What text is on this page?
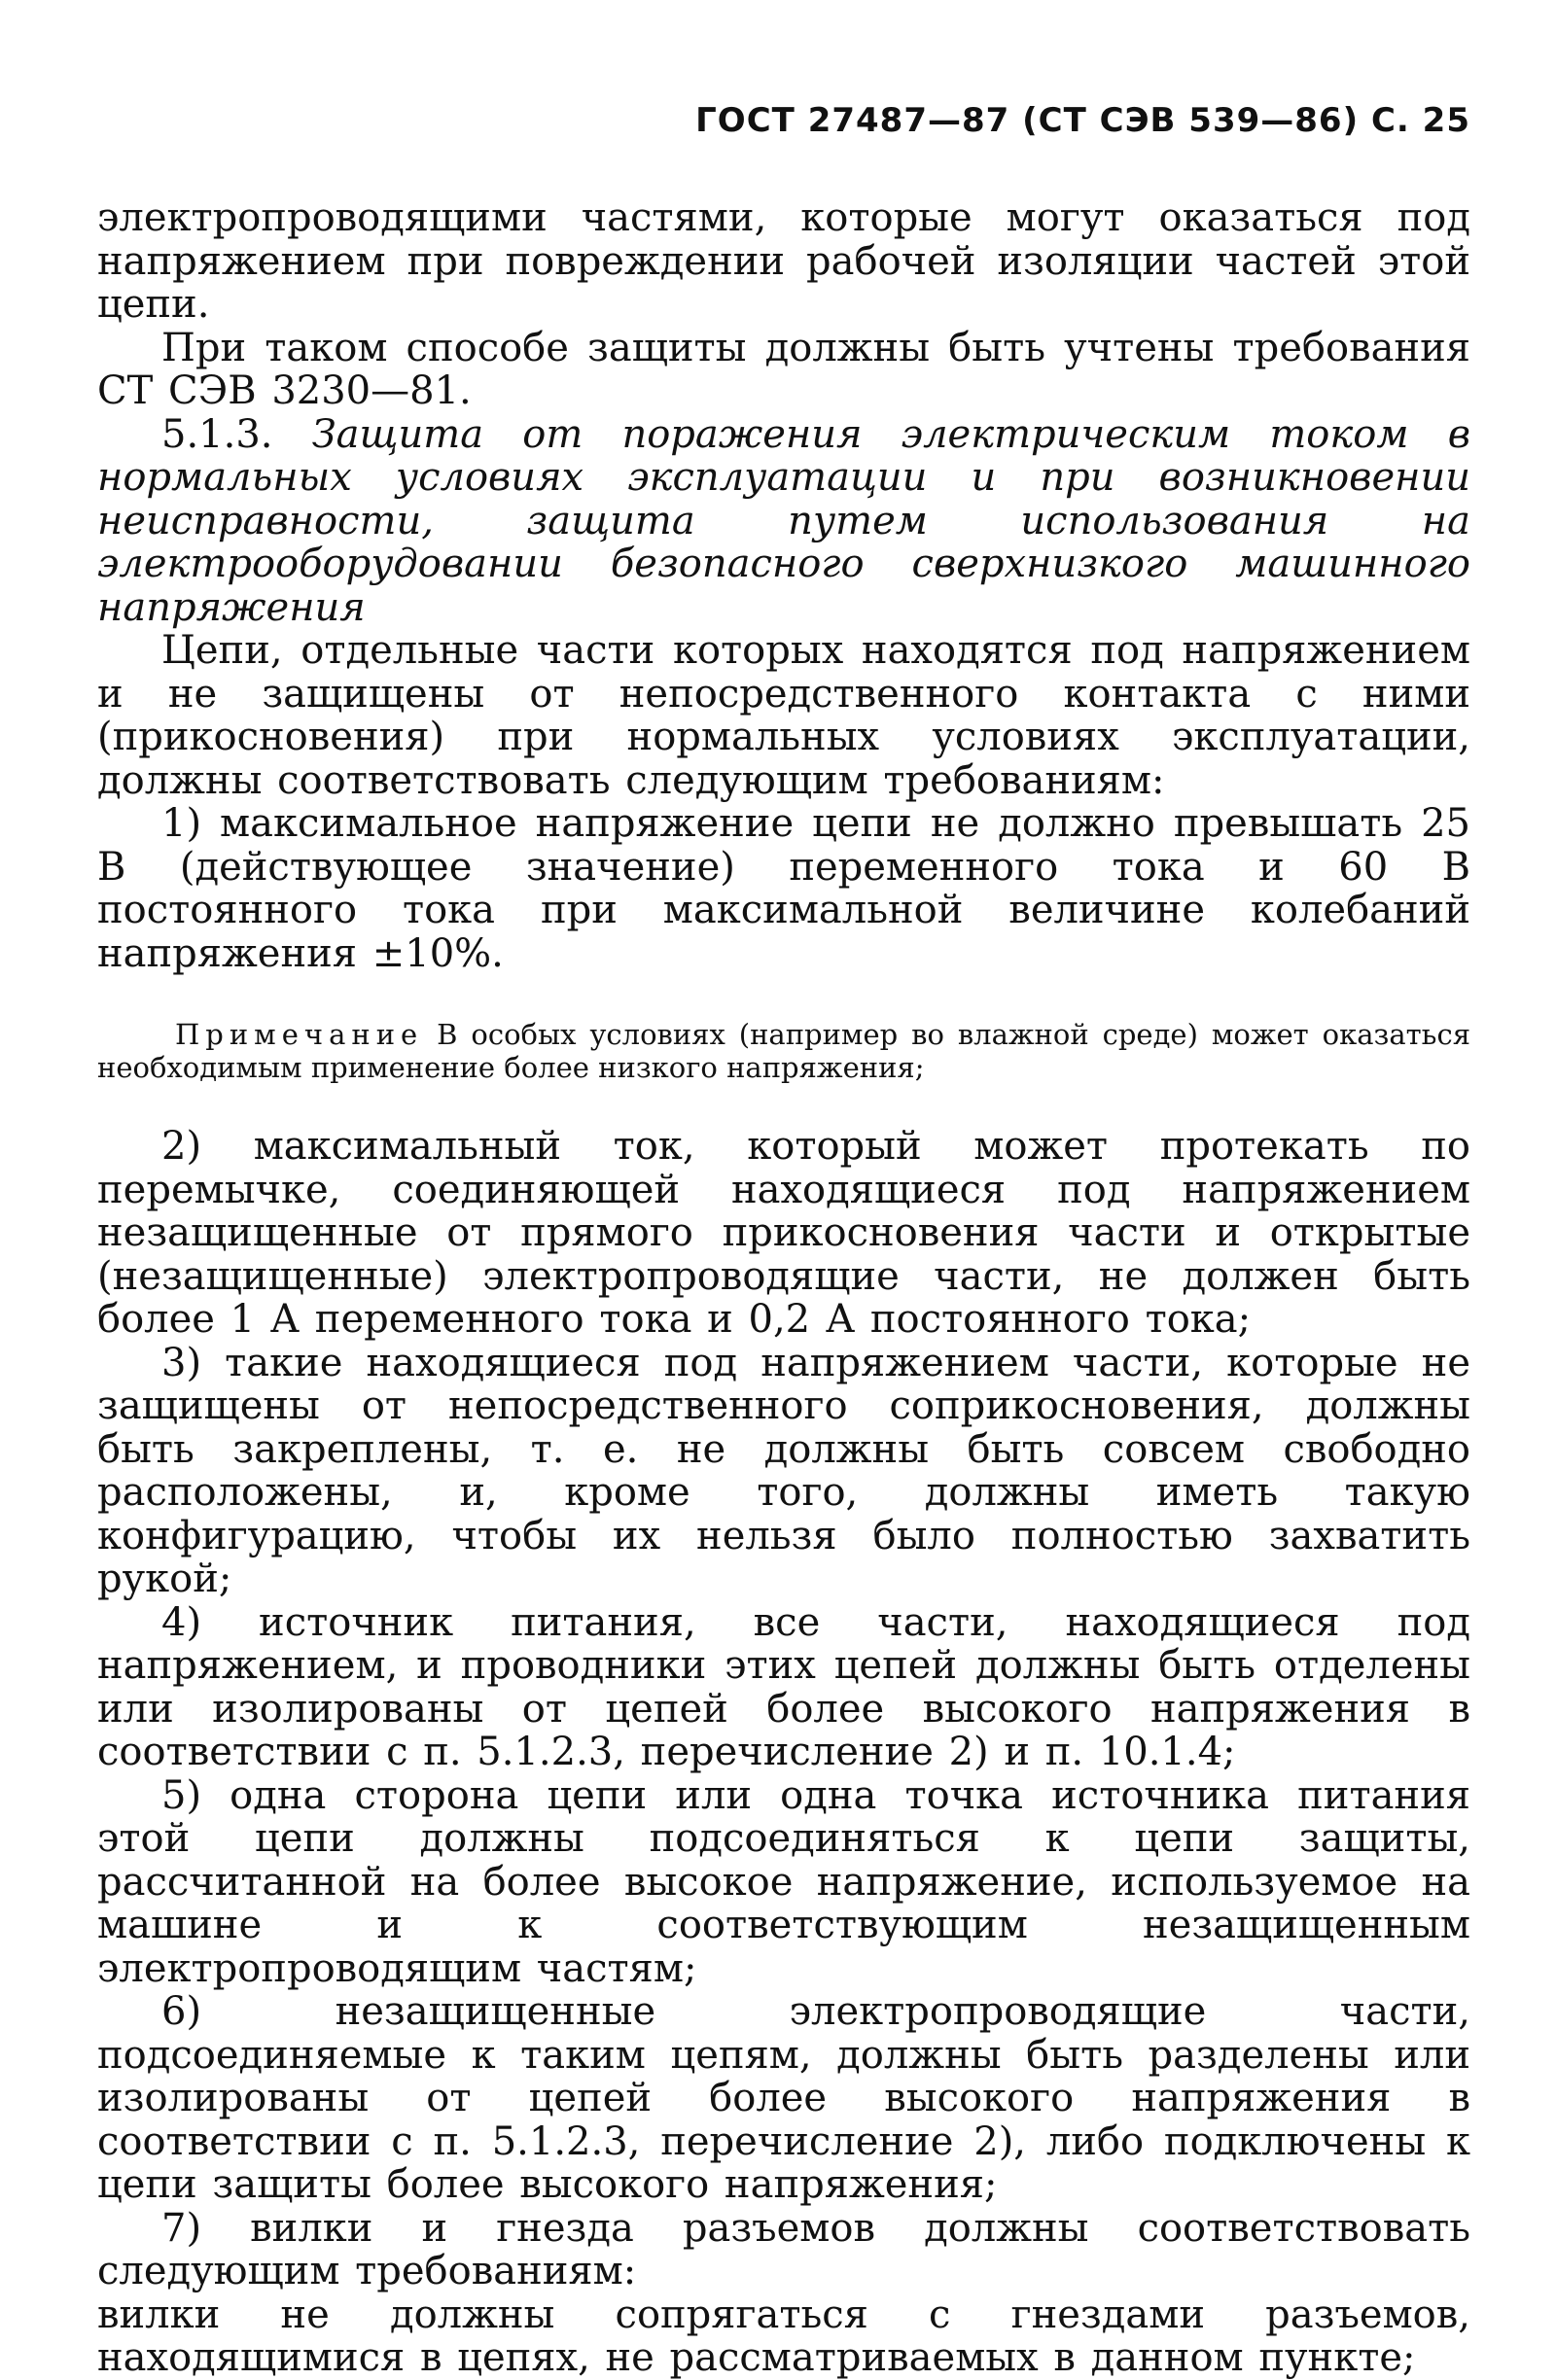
ГОСТ 27487—87 (СТ СЭВ 539—86) С. 25

электропроводящими частями, которые могут оказаться под напряжением при повреждении рабочей изоляции частей этой цепи.

При таком способе защиты должны быть учтены требования СТ СЭВ 3230—81.

5.1.3. Защита от поражения электрическим током в нормальных условиях эксплуатации и при возникновении неисправности, защита путем использования на электрооборудовании безопасного сверхнизкого машинного напряжения

Цепи, отдельные части которых находятся под напряжением и не защищены от непосредственного контакта с ними (прикосновения) при нормальных условиях эксплуатации, должны соответствовать следующим требованиям:

1) максимальное напряжение цепи не должно превышать 25 В (действующее значение) переменного тока и 60 В постоянного тока при максимальной величине колебаний напряжения ±10%.

Примечание В особых условиях (например во влажной среде) может оказаться необходимым применение более низкого напряжения;

2) максимальный ток, который может протекать по перемычке, соединяющей находящиеся под напряжением незащищенные от прямого прикосновения части и открытые (незащищенные) электропроводящие части, не должен быть более 1 А переменного тока и 0,2 А постоянного тока;

3) такие находящиеся под напряжением части, которые не защищены от непосредственного соприкосновения, должны быть закреплены, т. е. не должны быть совсем свободно расположены, и, кроме того, должны иметь такую конфигурацию, чтобы их нельзя было полностью захватить рукой;

4) источник питания, все части, находящиеся под напряжением, и проводники этих цепей должны быть отделены или изолированы от цепей более высокого напряжения в соответствии с п. 5.1.2.3, перечисление 2) и п. 10.1.4;

5) одна сторона цепи или одна точка источника питания этой цепи должны подсоединяться к цепи защиты, рассчитанной на более высокое напряжение, используемое на машине и к соответствующим незащищенным электропроводящим частям;

6) незащищенные электропроводящие части, подсоединяемые к таким цепям, должны быть разделены или изолированы от цепей более высокого напряжения в соответствии с п. 5.1.2.3, перечисление 2), либо подключены к цепи защиты более высокого напряжения;

7) вилки и гнезда разъемов должны соответствовать следующим требованиям:

вилки не должны сопрягаться с гнездами разъемов, находящимися в цепях, не рассматриваемых в данном пункте;
